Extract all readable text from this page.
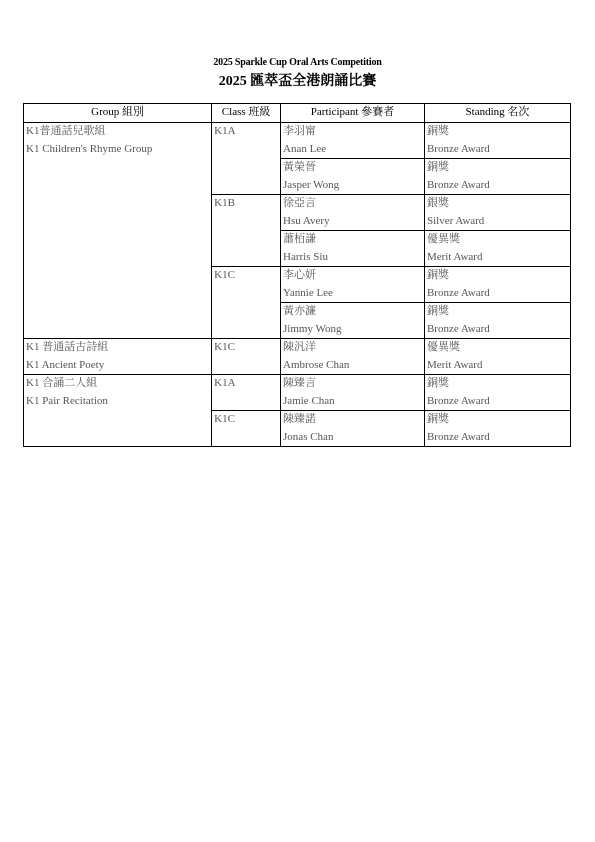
2025 Sparkle Cup Oral Arts Competition
2025 匯萃盃全港朗誦比賽
Group 組別	Class 班級	Participant 參賽者	Standing 名次

K1普通話兒歌組
K1 Children's Rhyme Group	K1A	李羽甯
Anan Lee	銅獎
Bronze Award

		黃榮晉
Jasper Wong	銅獎
Bronze Award

	K1B	徐亞言
Hsu Avery	銀獎
Silver Award

		蕭栢謙
Harris Siu	優異獎
Merit Award

	K1C	李心妍
Yannie Lee	銅獎
Bronze Award

		黃亦濂
Jimmy Wong	銅獎
Bronze Award

K1 普通話古詩組
K1 Ancient Poety	K1C	陳汎洋
Ambrose Chan	優異獎
Merit Award

K1 合誦二人組
K1 Pair Recitation	K1A	陳臻言
Jamie Chan	銅獎
Bronze Award

	K1C	陳臻諾
Jonas Chan	銅獎
Bronze Award
